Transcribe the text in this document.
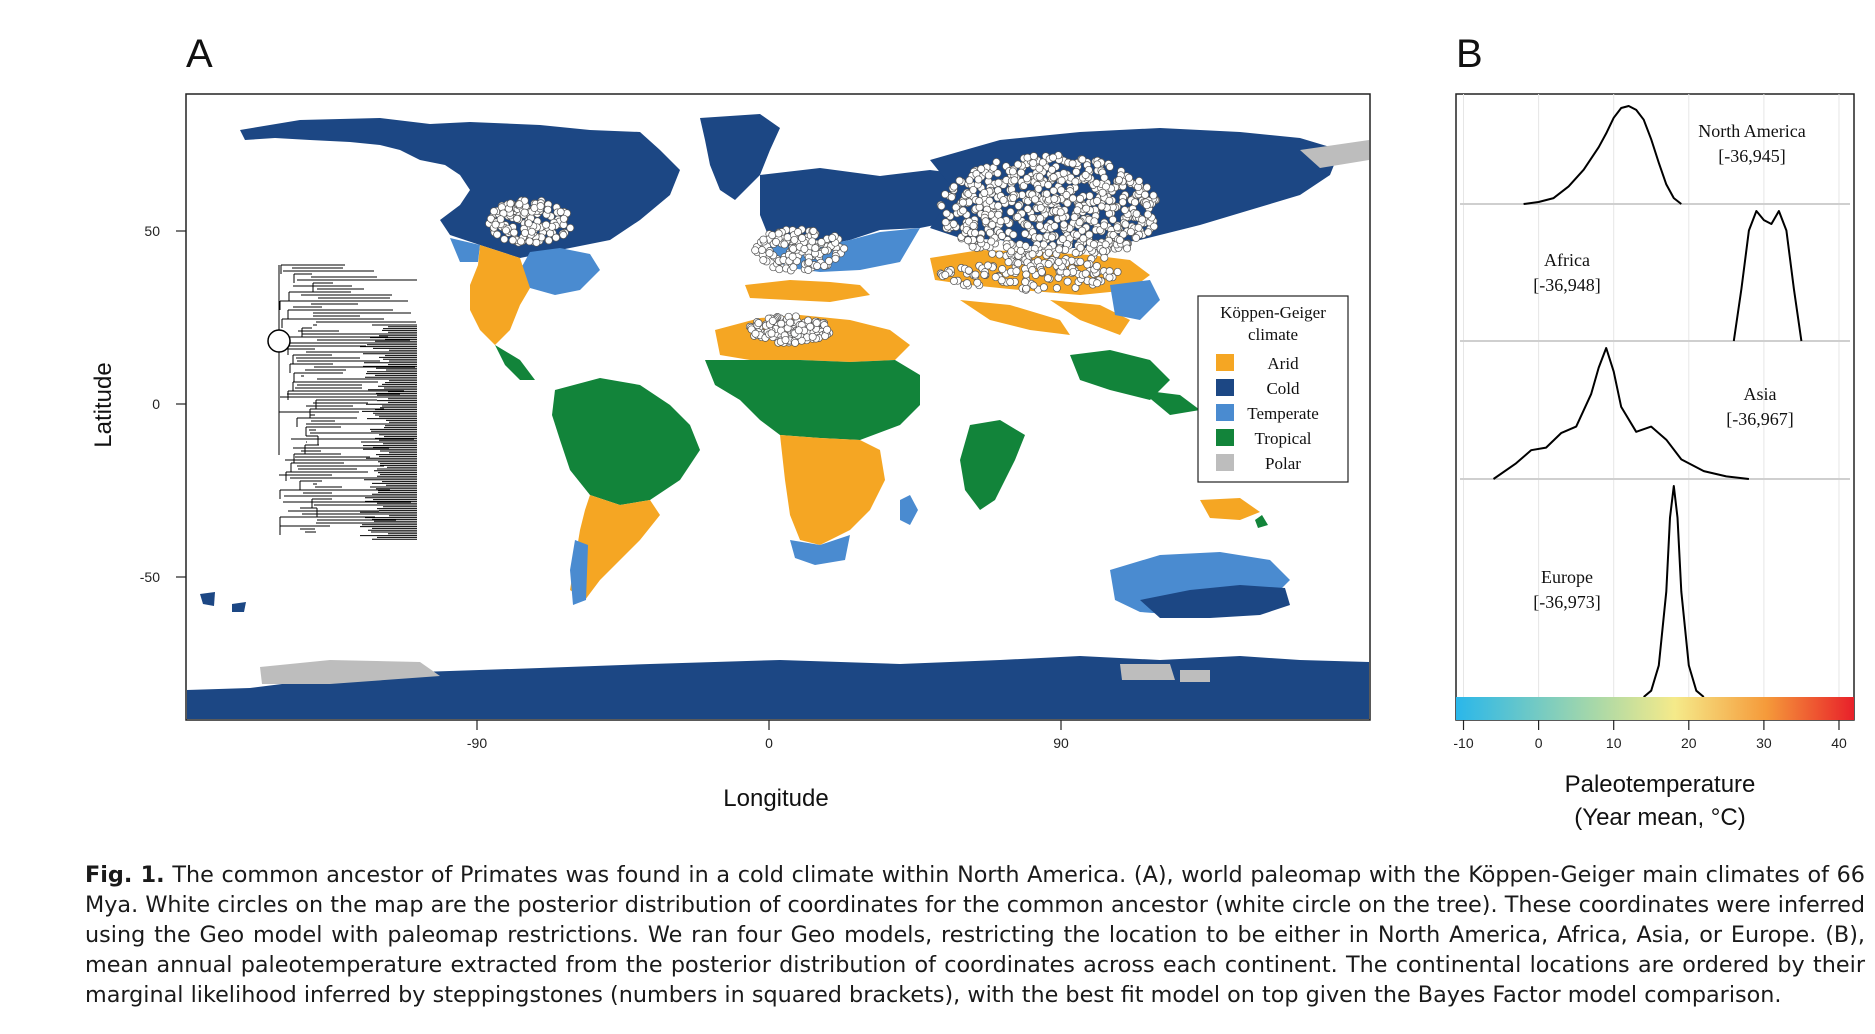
A	B
50
0
-50
-90	0	90
Köppen-Geiger
climate
Arid
Cold
Temperate
Tropical
Polar
North America
[-36,945]
Africa
[-36,948]
Asia
[-36,967]
Europe
[-36,973]
-10	0	10	20	30	40
Longitude
Latitude
Paleotemperature
(Year mean, °C)
Fig. 1. The common ancestor of Primates was found in a cold climate within North America. (A), world paleomap with the Köppen-Geiger main climates of 66 Mya. White circles on the map are the posterior distribution of coordinates for the common ancestor (white circle on the tree). These coordinates were inferred using the Geo model with paleomap restrictions. We ran four Geo models, restricting the location to be either in North America, Africa, Asia, or Europe. (B), mean annual paleotemperature extracted from the posterior distribution of coordinates across each continent. The continental locations are ordered by their marginal likelihood inferred by steppingstones (numbers in squared brackets), with the best fit model on top given the Bayes Factor model comparison.
